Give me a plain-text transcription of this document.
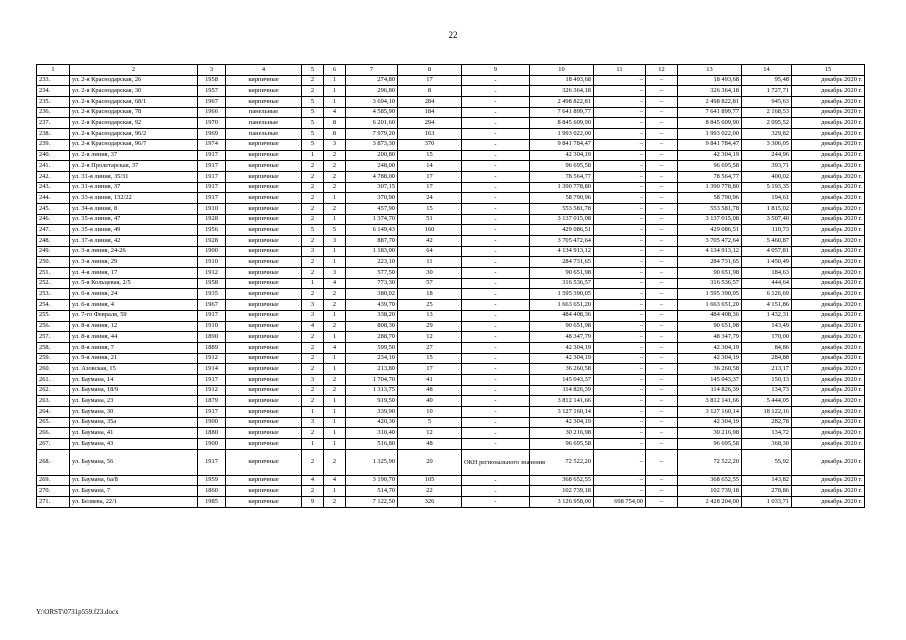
22
1	2	3	4	5	6	7	8	9	10	11	12	13	14	15
233.	ул. 2-я Краснодарская, 26	1958	кирпичные	2	1	274,80	17	-	18 493,68	–	–	18 493,68	95,48	декабрь 2020 г.
234.	ул. 2-я Краснодарская, 30	1957	кирпичные	2	1	296,80	8	-	326 364,18	–	–	326 364,18	1 727,71	декабрь 2020 г.
235.	ул. 2-я Краснодарская, 68/1	1967	кирпичные	5	1	3 694,10	284	-	2 498 822,81	–	–	2 498 822,81	945,63	декабрь 2020 г.
236.	ул. 2-я Краснодарская, 78	1966	панельные	5	4	4 585,90	184	-	7 641 899,77	–	–	7 641 899,77	2 168,53	декабрь 2020 г.
237.	ул. 2-я Краснодарская, 92	1970	панельные	5	8	6 201,60	294	-	8 845 609,90	–	–	8 845 609,90	2 095,52	декабрь 2020 г.
238.	ул. 2-я Краснодарская, 96/2	1969	панельные	5	8	7 979,20	163	-	1 993 022,00	–	–	1 993 022,00	329,82	декабрь 2020 г.
239.	ул. 2-я Краснодарская, 96/7	1974	кирпичные	5	3	3 873,30	370	-	9 841 784,47	–	–	9 841 784,47	3 306,05	декабрь 2020 г.
240.	ул. 2-я линия, 37	1917	кирпичные	1	2	200,80	15	-	42 304,19	–	–	42 304,19	244,96	декабрь 2020 г.
241.	ул. 2-я Пролетарская, 37	1917	кирпичные	2	2	248,00	14	-	96 695,58	–	–	96 695,58	393,71	декабрь 2020 г.
242.	ул. 31-я линия, 35/31	1917	кирпичные	2	2	4 788,00	17	-	78 564,77	–	–	78 564,77	400,02	декабрь 2020 г.
243.	ул. 31-я линия, 37	1917	кирпичные	2	2	307,15	17	-	1 390 778,80	–	–	1 390 778,80	5 193,35	декабрь 2020 г.
244.	ул. 33-я линия, 132/22	1917	кирпичные	2	1	370,90	24	-	58 790,96	–	–	58 790,96	194,61	декабрь 2020 г.
245.	ул. 34-я линия, 8	1910	кирпичные	2	2	457,90	15	-	553 581,78	–	–	553 581,78	1 815,02	декабрь 2020 г.
246.	ул. 35-я линия, 47	1928	кирпичные	2	1	1 374,70	51	-	3 137 015,08	–	–	3 137 015,08	3 507,40	декабрь 2020 г.
247.	ул. 35-я линия, 49	1956	кирпичные	5	5	6 149,43	160	-	429 086,51	–	–	429 086,51	110,73	декабрь 2020 г.
248.	ул. 37-я линия, 42	1928	кирпичные	2	3	887,70	42	-	3 705 472,64	–	–	3 705 472,64	5 460,87	декабрь 2020 г.
249.	ул. 3-я линия, 24-26	1900	кирпичные	3	1	1 183,00	64	-	4 134 913,12	–	–	4 134 913,12	4 057,81	декабрь 2020 г.
250.	ул. 3-я линия, 29	1910	кирпичные	2	1	223,10	11	-	284 731,65	–	–	284 731,65	1 450,49	декабрь 2020 г.
251.	ул. 4-я линия, 17	1912	кирпичные	2	3	577,50	30	-	90 651,98	–	–	90 651,98	184,63	декабрь 2020 г.
252.	ул. 5-я Кольцевая, 2/5	1958	кирпичные	1	4	773,30	57	-	316 536,57	–	–	316 536,57	444,64	декабрь 2020 г.
253.	ул. 6-я линия, 24	1935	кирпичные	2	2	380,02	18	-	1 595 390,05	–	–	1 595 390,05	6 126,69	декабрь 2020 г.
254.	ул. 6-я линия, 4	1967	кирпичные	3	2	439,70	25	-	1 663 651,20	–	–	1 663 651,20	4 151,86	декабрь 2020 г.
255.	ул. 7-го Февраля, 59	1917	кирпичные	3	1	338,20	13	-	484 408,36	–	–	484 408,36	1 432,31	декабрь 2020 г.
256.	ул. 8-я линия, 12	1910	кирпичные	4	2	808,30	29	-	90 651,98	–	–	90 651,98	143,49	декабрь 2020 г.
257.	ул. 8-я линия, 44	1890	кирпичные	2	1	288,70	12	-	48 347,79	–	–	48 347,79	170,00	декабрь 2020 г.
258.	ул. 8-я линия, 7	1889	кирпичные	2	4	599,50	27	-	42 304,19	–	–	42 304,19	84,86	декабрь 2020 г.
259.	ул. 9-я линия, 21	1912	кирпичные	2	1	234,10	15	-	42 304,19	–	–	42 304,19	284,88	декабрь 2020 г.
260.	ул. Азовская, 15	1914	кирпичные	2	1	213,80	17	-	36 260,58	–	–	36 260,58	213,17	декабрь 2020 г.
261.	ул. Баумана, 14	1917	кирпичные	3	2	1 704,70	41	-	145 043,37	–	–	145 043,37	150,13	декабрь 2020 г.
262.	ул. Баумана, 18/9	1912	кирпичные	2	2	1 313,75	48	-	114 826,39	–	–	114 826,39	134,73	декабрь 2020 г.
263.	ул. Баумана, 23	1879	кирпичные	2	1	919,50	40	-	3 812 141,66	–	–	3 812 141,66	5 444,05	декабрь 2020 г.
264.	ул. Баумана, 30	1917	кирпичные	1	1	339,90	10	-	3 127 160,14	–	–	3 127 160,14	18 122,16	декабрь 2020 г.
265.	ул. Баумана, 35а	1900	кирпичные	3	1	420,30	5	-	42 304,19	–	–	42 304,19	282,78	декабрь 2020 г.
266.	ул. Баумана, 41	1880	кирпичные	2	1	310,40	12	-	30 216,98	–	–	30 216,98	134,72	декабрь 2020 г.
267.	ул. Баумана, 43	1900	кирпичные	1	1	516,80	48	-	96 695,58	–	–	96 695,58	368,30	декабрь 2020 г.
268.	ул. Баумана, 56	1917	кирпичные	2	2	1 325,90	20	ОКН регионального значения	72 522,20	–	–	72 522,20	55,92	декабрь 2020 г.
269.	ул. Баумана, 6а/8	1959	кирпичные	4	4	3 190,70	105	-	368 652,55	–	–	368 652,55	143,82	декабрь 2020 г.
270.	ул. Баумана, 7	1860	кирпичные	2	1	514,70	22	-	102 739,18	–	–	102 739,18	278,86	декабрь 2020 г.
271.	ул. Беляева, 22/1	1985	кирпичные	9	2	7 122,50	326	-	3 126 958,00	698 754,00	–	2 428 204,00	1 033,71	декабрь 2020 г.
Y:\ORST\0731p559.f23.docx
